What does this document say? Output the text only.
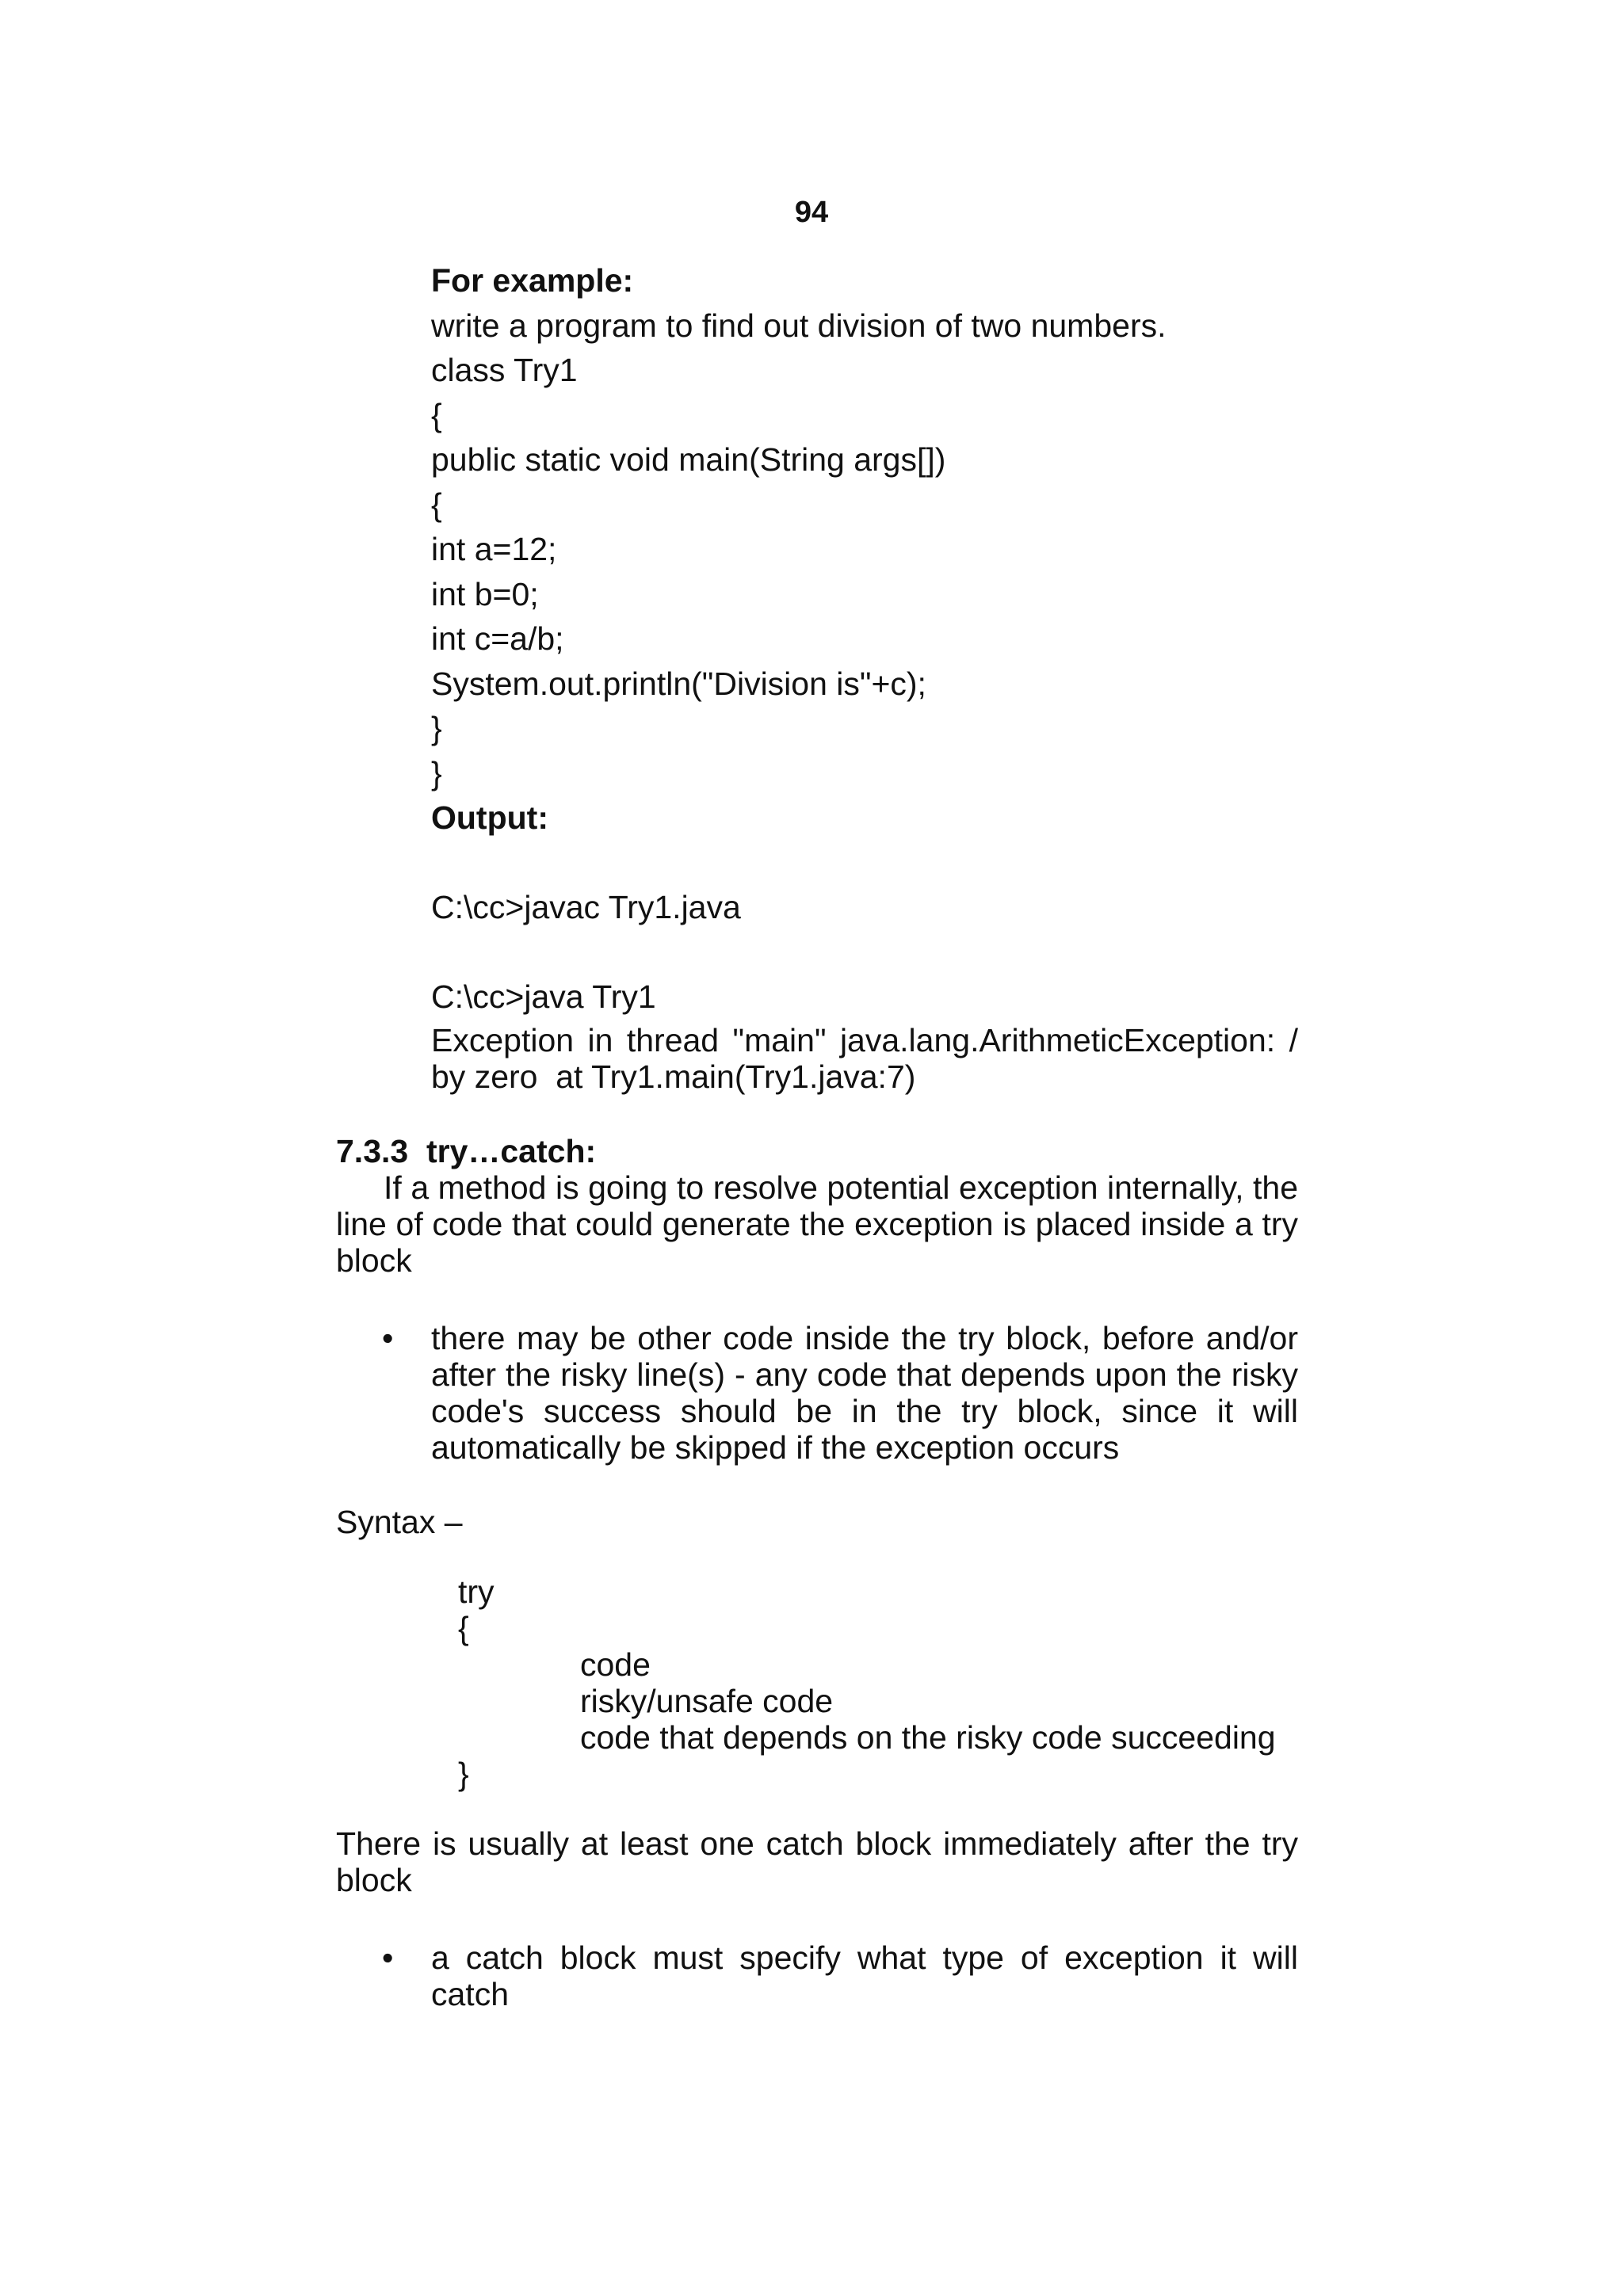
94
For example:
write a program to find out division of two numbers.
class Try1
{
public static void main(String args[])
{
int a=12;
int b=0;
int c=a/b;
System.out.println("Division is"+c);
}
}
Output:
C:\cc>javac Try1.java
C:\cc>java Try1
Exception in thread "main" java.lang.ArithmeticException: /
by zero  at Try1.main(Try1.java:7)
7.3.3  try…catch:
If a method is going to resolve potential exception internally, the line of code that could generate the exception is placed inside a try block
• there may be other code inside the try block, before and/or after the risky line(s) - any code that depends upon the risky code's success should be in the try block, since it will automatically be skipped if the exception occurs
Syntax –
try
{
code
risky/unsafe code
code that depends on the risky code succeeding
}
There is usually at least one catch block immediately after the try block
• a catch block must specify what type of exception it will catch
